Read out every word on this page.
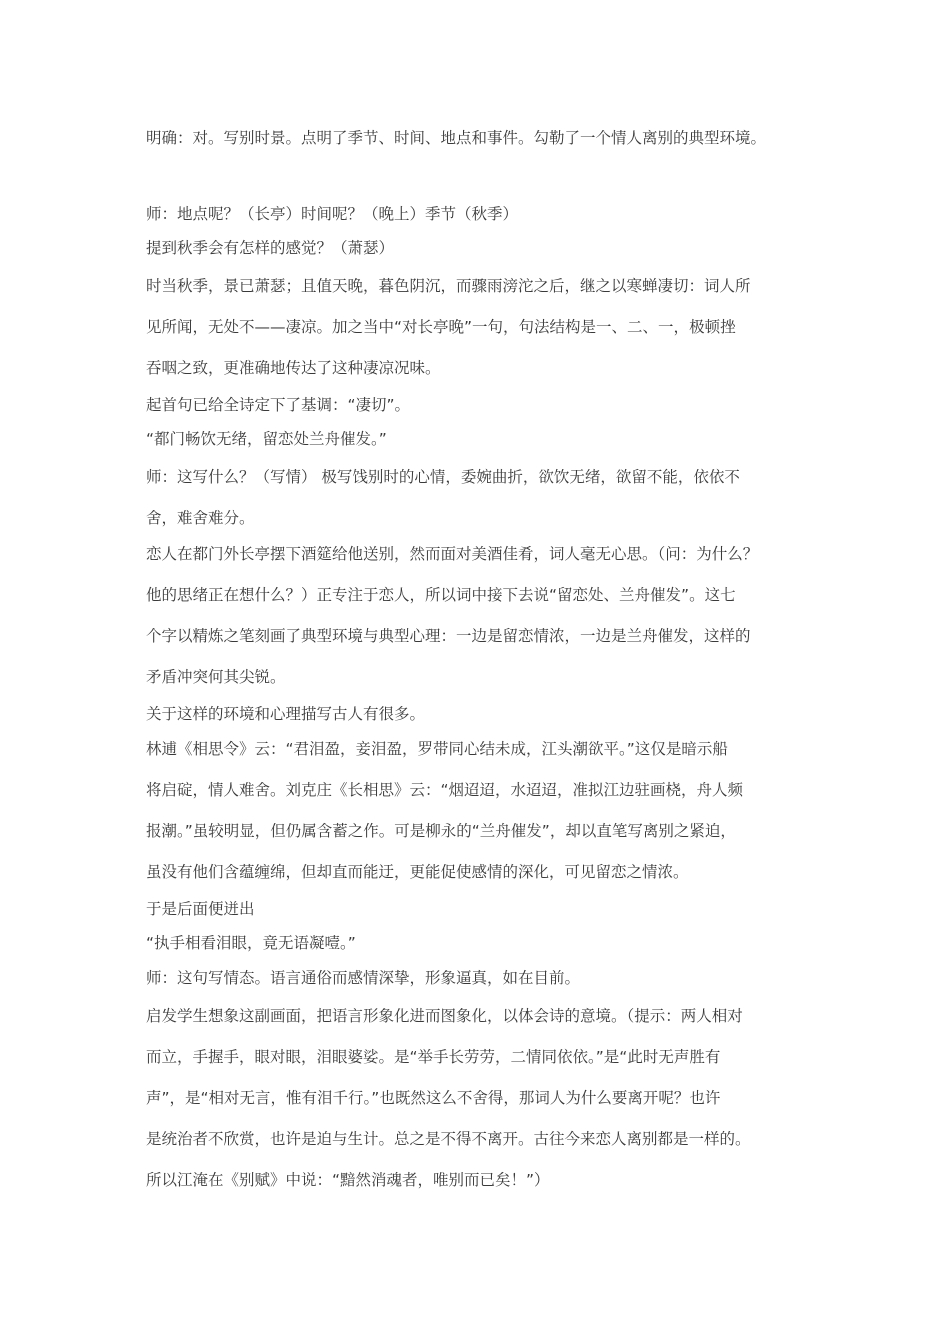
明确：对。写别时景。点明了季节、时间、地点和事件。勾勒了一个情人离别的典型环境。
师：地点呢？（长亭）时间呢？（晚上）季节（秋季）
提到秋季会有怎样的感觉？（萧瑟）
时当秋季，景已萧瑟；且值天晚，暮色阴沉，而骤雨滂沱之后，继之以寒蝉凄切：词人所
见所闻，无处不——凄凉。加之当中“对长亭晚”一句，句法结构是一、二、一，极顿挫
吞咽之致，更准确地传达了这种凄凉况味。
起首句已给全诗定下了基调：“凄切”。
“都门畅饮无绪，留恋处兰舟催发。”
师：这写什么？（写情） 极写饯别时的心情，委婉曲折，欲饮无绪，欲留不能，依依不
舍，难舍难分。
恋人在都门外长亭摆下酒筵给他送别，然而面对美酒佳肴，词人毫无心思。（问：为什么？
他的思绪正在想什么？）正专注于恋人，所以词中接下去说“留恋处、兰舟催发”。这七
个字以精炼之笔刻画了典型环境与典型心理：一边是留恋情浓，一边是兰舟催发，这样的
矛盾冲突何其尖锐。
关于这样的环境和心理描写古人有很多。
林逋《相思令》云：“君泪盈，妾泪盈，罗带同心结未成，江头潮欲平。”这仅是暗示船
将启碇，情人难舍。刘克庄《长相思》云：“烟迢迢，水迢迢，准拟江边驻画桡，舟人频
报潮。”虽较明显，但仍属含蓄之作。可是柳永的“兰舟催发”，却以直笔写离别之紧迫，
虽没有他们含蕴缠绵，但却直而能迂，更能促使感情的深化，可见留恋之情浓。
于是后面便迸出
“执手相看泪眼，竟无语凝噎。”
师：这句写情态。语言通俗而感情深挚，形象逼真，如在目前。
启发学生想象这副画面，把语言形象化进而图象化，以体会诗的意境。（提示：两人相对
而立，手握手，眼对眼，泪眼婆娑。是“举手长劳劳，二情同依依。”是“此时无声胜有
声”，是“相对无言，惟有泪千行。”也既然这么不舍得，那词人为什么要离开呢？也许
是统治者不欣赏，也许是迫与生计。总之是不得不离开。古往今来恋人离别都是一样的。
所以江淹在《别赋》中说：“黯然消魂者，唯别而已矣！”）
